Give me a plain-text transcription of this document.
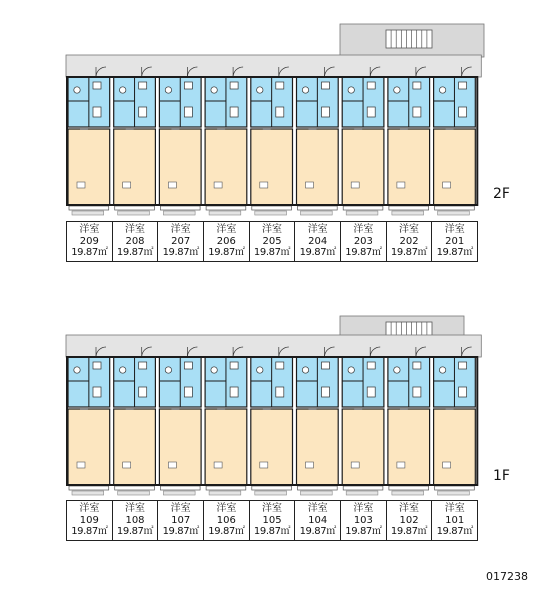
2F
1F
洋室
209
19.87㎡
洋室
208
19.87㎡
洋室
207
19.87㎡
洋室
206
19.87㎡
洋室
205
19.87㎡
洋室
204
19.87㎡
洋室
203
19.87㎡
洋室
202
19.87㎡
洋室
201
19.87㎡
洋室
109
19.87㎡
洋室
108
19.87㎡
洋室
107
19.87㎡
洋室
106
19.87㎡
洋室
105
19.87㎡
洋室
104
19.87㎡
洋室
103
19.87㎡
洋室
102
19.87㎡
洋室
101
19.87㎡
017238
